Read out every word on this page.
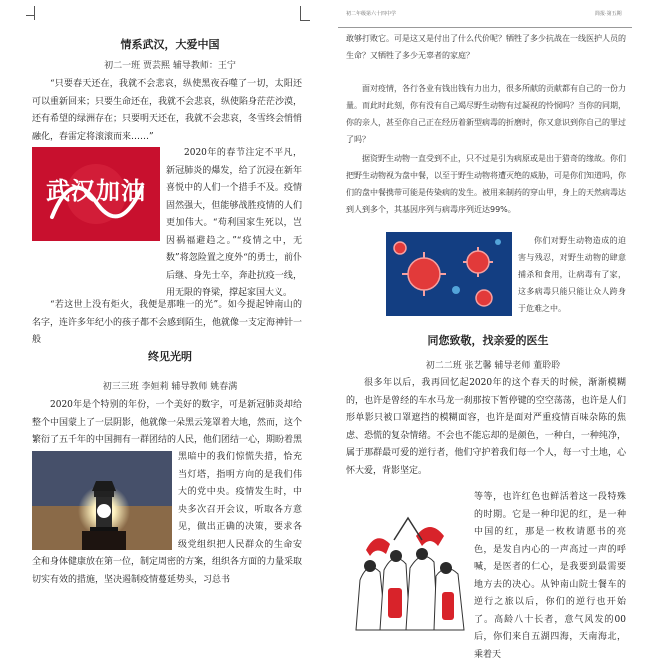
初二年级第六十四中学	简报·第五期
情系武汉，大爱中国
初二一班 贾芸熙 辅导教师：王宁
“只要春天还在，我就不会悲哀，纵使黑夜吞噬了一切，太阳还可以重新回来；只要生命还在，我就不会悲哀，纵使陷身茫茫沙漠，还有希望的绿洲存在；只要明天还在，我就不会悲哀，冬雪终会悄悄融化，春雷定将滚滚而来……”
武汉加油
2020年的春节注定不平凡，新冠肺炎的爆发，给了沉浸在新年喜悦中的人们一个措手不及。疫情固然强大，但能够战胜疫情的人们更加伟大。“苟利国家生死以，岂因祸福避趋之。”“疫情之中，无数”将忽险置之度外“的勇士，前仆后继、身先士卒，奔赴抗疫一线，用无限的脊梁，撑起家国大义。
“若这世上没有炬火，我便是那唯一的光”。如今提起钟南山的名字，连许多年纪小的孩子都不会感到陌生，他就像一支定海神针一般
终见光明
初三三班 李姮莉 辅导教师 姚春满
2020年是个特别的年份，一个美好的数字，可是新冠肺炎却给整个中国蒙上了一层阴影，他就像一朵黑云笼罩着大地，然而，这个繁衍了五千年的中国拥有一群团结的人民，他们团结一心，期盼着黑
黑暗中的我们惊慌失措，恰充当灯塔，指明方向的是我们伟大的党中央。疫情发生时，中央多次召开会议，听取各方意见，做出正确的决策，要求各级党组织把人民群众的生命安全和身体健康放在第一位，制定周密的方案，组织各方面的力量采取切实有效的措施，坚决遏制疫情蔓延势头，习总书
敢够打败它。可是这又是付出了什么代价呢？牺牲了多少抗战在一线医护人员的生命？又牺牲了多少无辜者的家庭？
面对疫情，各行各业有钱出钱有力出力，很多所献的贡献都有自己的一份力量。而此时此刻，你有没有自己竭尽野生动物有过凝视的怜悯吗？当你的同期，你的亲人，甚至你自己正在经历着新型病毒的折磨时，你又意识到你自己的罪过了吗？
据资野生动物一直受到不止，只不过是引为病原或是出于猎奇的缘故。你们把野生动物视为盘中餐，以至于野生动物将遭灭绝的威胁，可是你们知道吗，你们的盘中餐携带可能是传染病的发生。被用来制药的穿山甲，身上的天然病毒达到人到多个，其基因序列与病毒序列近达99%。
你们对野生动物造成的迫害与残忍，对野生动物的肆意捕杀和食用，让病毒有了家，这多病毒只能只能让众人跨身于危难之中。
同您致敬，找亲爱的医生
初二二班 张艺馨 辅导老师 董聆聆
很多年以后，我再回忆起2020年的这个春天的时候，渐渐模糊的，也许是曾经的车水马龙一刹那按下暂停键的空空荡荡，也许是人们形单影只被口罩遮挡的模糊面容，也许是面对严重疫情百味杂陈的焦虑、恐慌的复杂情绪。不会也不能忘却的是颜色，一种白，一种纯净，属于那群最可爱的逆行者，他们守护着我们每一个人，每一寸土地，心怀大爱，背影坚定。
等等，也许红色也鲜活着这一段特殊的时期。它是一种印泥的红，是一种中国的红，那是一枚枚请愿书的亮色，是发自内心的一声高过一声的呼喊，是医者的仁心，是我要到最需要地方去的决心。从钟南山院士餐车的逆行之旅以后，你们的逆行也开始了。高龄八十长者，意气风发的00后，你们来自五湖四海，天南海北，乘着天
